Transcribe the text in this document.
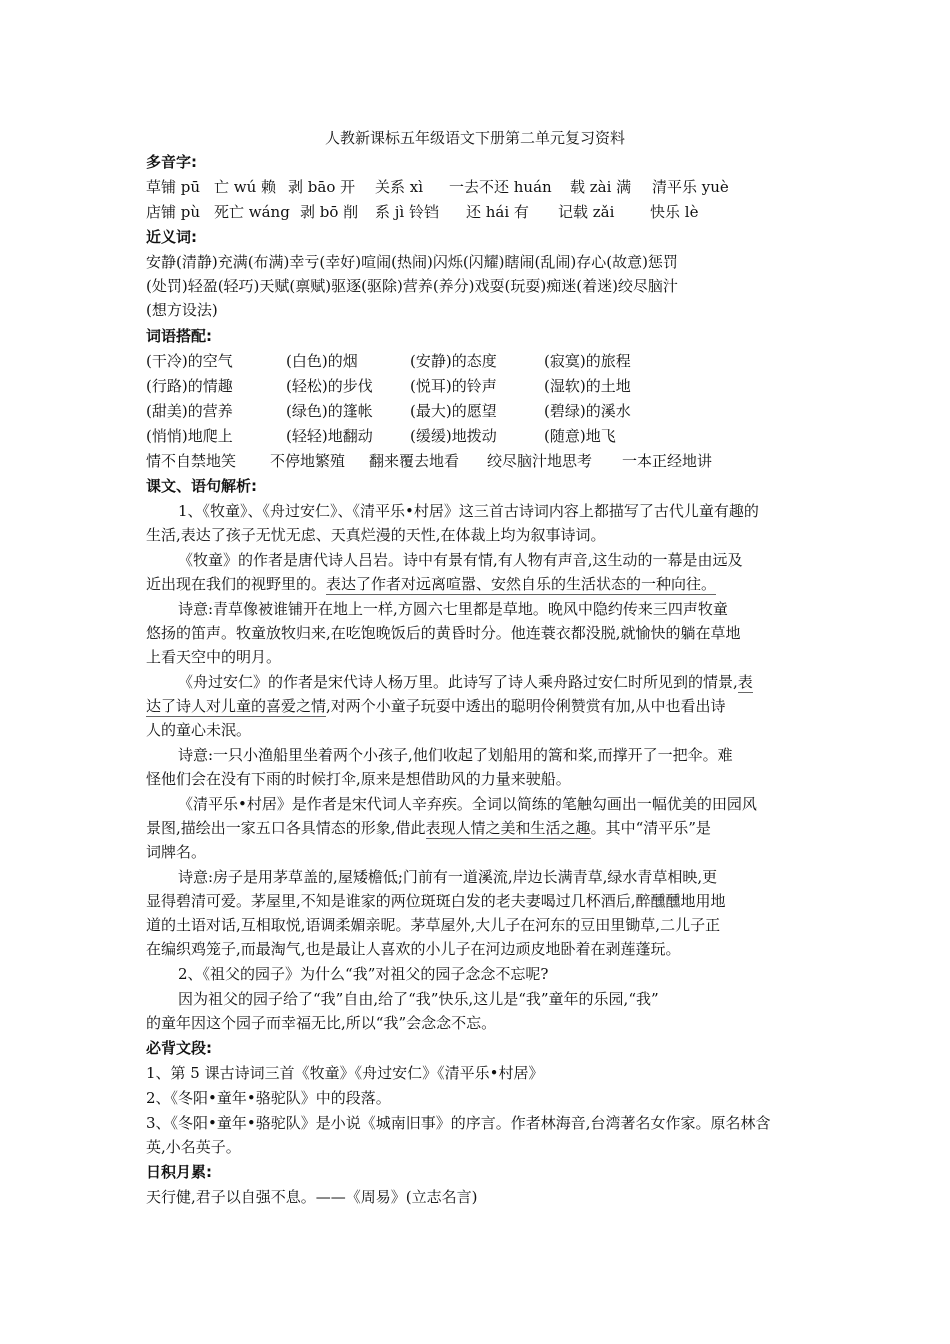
人教新课标五年级语文下册第二单元复习资料
多音字:
草铺 pū 亡 wú 赖 剥 bāo 开 关系 xì 一去不还 huán 载 zài 满 清平乐 yuè
店铺 pù 死亡 wáng 剥 bō 削 系 jì 铃铛 还 hái 有 记载 zǎi 快乐 lè
近义词:
安静(清静)充满(布满)幸亏(幸好)喧闹(热闹)闪烁(闪耀)瞎闹(乱闹)存心(故意)惩罚
(处罚)轻盈(轻巧)天赋(禀赋)驱逐(驱除)营养(养分)戏耍(玩耍)痴迷(着迷)绞尽脑汁
(想方设法)
词语搭配:
(干冷)的空气	(白色)的烟	(安静)的态度	(寂寞)的旅程
(行路)的情趣	(轻松)的步伐 (悦耳)的铃声	(湿软)的土地
(甜美)的营养	(绿色)的篷帐 (最大)的愿望	(碧绿)的溪水
(悄悄)地爬上	(轻轻)地翻动 (缓缓)地拨动	(随意)地飞
情不自禁地笑 不停地繁殖 翻来覆去地看 绞尽脑汁地思考 一本正经地讲
课文、语句解析:
1、《牧童》、《舟过安仁》、《清平乐•村居》这三首古诗词内容上都描写了古代儿童有趣的
生活,表达了孩子无忧无虑、天真烂漫的天性,在体裁上均为叙事诗词。
《牧童》的作者是唐代诗人吕岩。诗中有景有情,有人物有声音,这生动的一幕是由远及
近出现在我们的视野里的。表达了作者对远离喧嚣、安然自乐的生活状态的一种向往。
诗意:青草像被谁铺开在地上一样,方圆六七里都是草地。晚风中隐约传来三四声牧童
悠扬的笛声。牧童放牧归来,在吃饱晚饭后的黄昏时分。他连蓑衣都没脱,就愉快的躺在草地
上看天空中的明月。
《舟过安仁》的作者是宋代诗人杨万里。此诗写了诗人乘舟路过安仁时所见到的情景,表
达了诗人对儿童的喜爱之情,对两个小童子玩耍中透出的聪明伶俐赞赏有加,从中也看出诗
人的童心未泯。
诗意:一只小渔船里坐着两个小孩子,他们收起了划船用的篙和桨,而撑开了一把伞。难
怪他们会在没有下雨的时候打伞,原来是想借助风的力量来驶船。
《清平乐•村居》是作者是宋代词人辛弃疾。全词以简练的笔触勾画出一幅优美的田园风
景图,描绘出一家五口各具情态的形象,借此表现人情之美和生活之趣。其中“清平乐”是
词牌名。
诗意:房子是用茅草盖的,屋矮檐低;门前有一道溪流,岸边长满青草,绿水青草相映,更
显得碧清可爱。茅屋里,不知是谁家的两位斑斑白发的老夫妻喝过几杯酒后,醉醺醺地用地
道的土语对话,互相取悦,语调柔媚亲昵。茅草屋外,大儿子在河东的豆田里锄草,二儿子正
在编织鸡笼子,而最淘气,也是最让人喜欢的小儿子在河边顽皮地卧着在剥莲蓬玩。
2、《祖父的园子》为什么“我”对祖父的园子念念不忘呢?
因为祖父的园子给了“我”自由,给了“我”快乐,这儿是“我”童年的乐园,“我”
的童年因这个园子而幸福无比,所以“我”会念念不忘。
必背文段:
1、第 5 课古诗词三首《牧童》《舟过安仁》《清平乐•村居》
2、《冬阳•童年•骆驼队》中的段落。
3、《冬阳•童年•骆驼队》是小说《城南旧事》的序言。作者林海音,台湾著名女作家。原名林含
英,小名英子。
日积月累:
天行健,君子以自强不息。——《周易》(立志名言)
